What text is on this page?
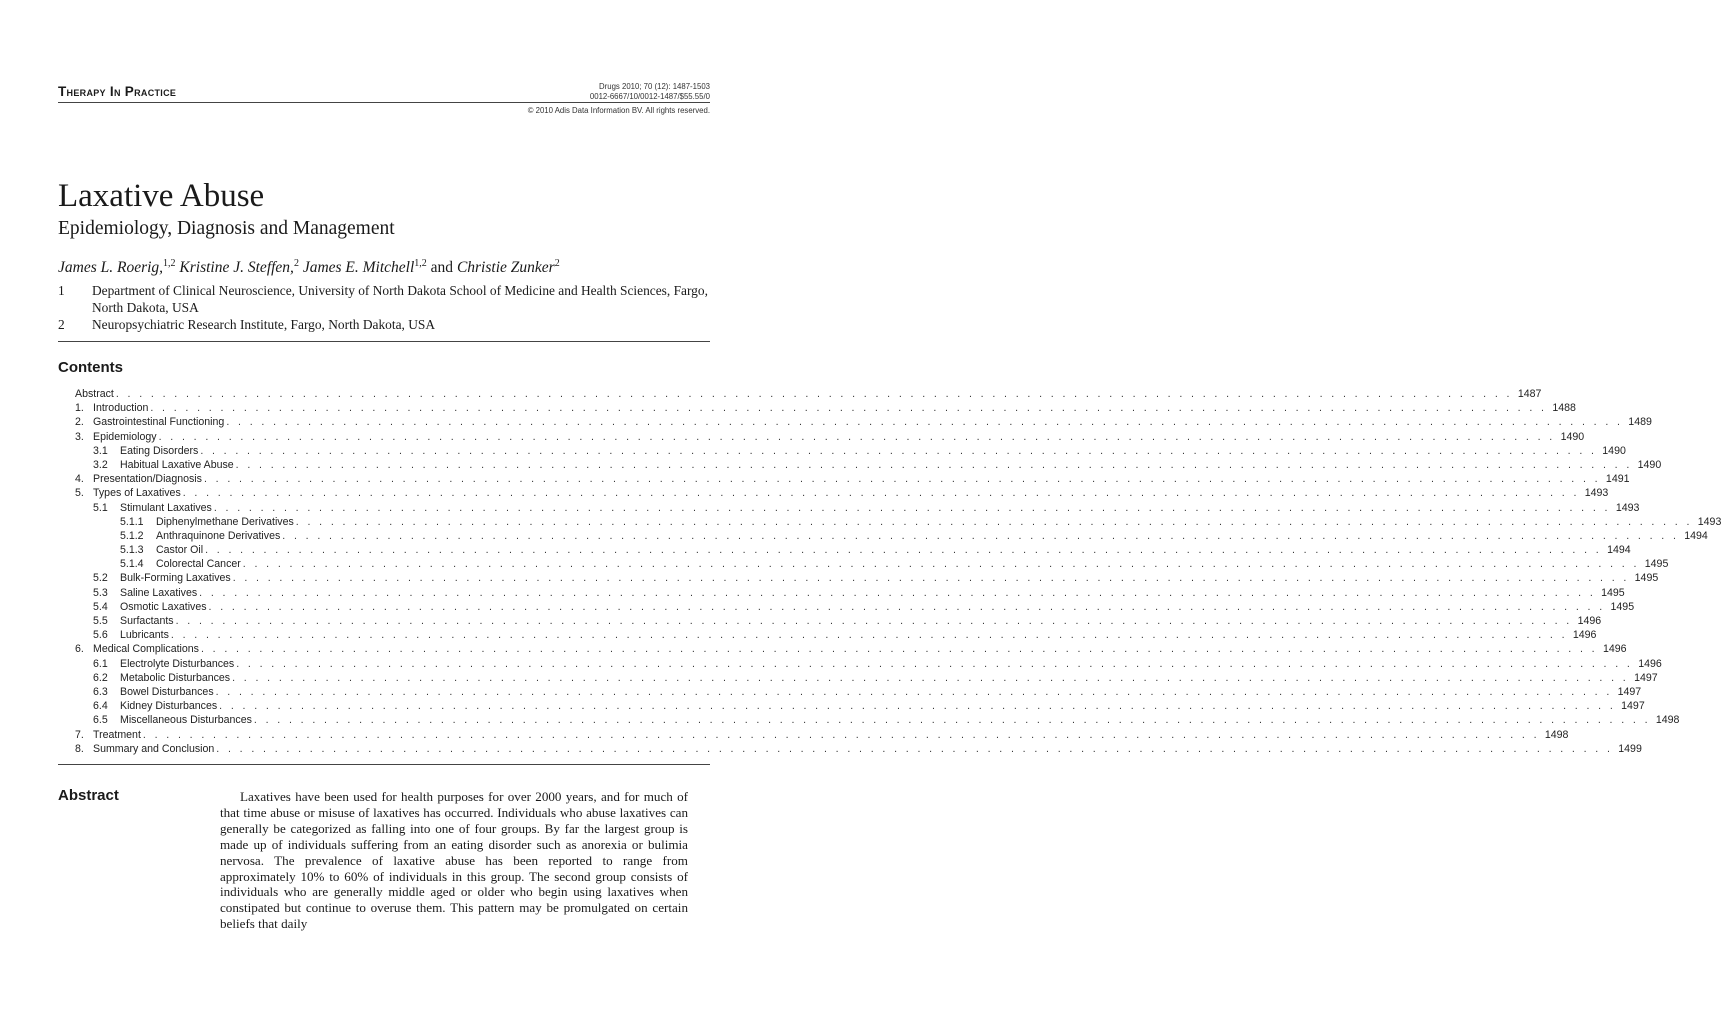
Therapy In Practice	Drugs 2010; 70 (12): 1487-1503
0012-6667/10/0012-1487/$55.55/0
© 2010 Adis Data Information BV. All rights reserved.
Laxative Abuse
Epidemiology, Diagnosis and Management
James L. Roerig,$^{1,2}$ Kristine J. Steffen,$^2$ James E. Mitchell$^{1,2}$ and Christie Zunker$^2$
1	Department of Clinical Neuroscience, University of North Dakota School of Medicine and Health Sciences, Fargo, North Dakota, USA
2	Neuropsychiatric Research Institute, Fargo, North Dakota, USA
Contents
Abstract . . . . . . . . . . . . . . . . . . . . . . . . . . . . . . . . . . . . . . . . . . . . . . . . . . . . . . . . . . . . . . . . . . . . . . . . . . . . . . . . . . . . . . . . . . . . . . . . . . . . . . . . . . . . . . . . . . . . . . . . 1487
1. Introduction . . . . . . . . . . . . . . . . . . . . . . . . . . . . . . . . . . . . . . . . . . . . . . . . . . . . . . . . . . . . . . . . . . . . . . . . . . . . . . . . . . . . . . . . . . . . . . . . . . . . . . . . . . . . . . . . . . . . . . . . 1488
2. Gastrointestinal Functioning . . . . . . . . . . . . . . . . . . . . . . . . . . . . . . . . . . . . . . . . . . . . . . . . . . . . . . . . . . . . . . . . . . . . . . . . . . . . . . . . . . . . . . . . . . . . . . . . . . . . . . . . . . . . . . . . . . . . . . . . 1489
3. Epidemiology . . . . . . . . . . . . . . . . . . . . . . . . . . . . . . . . . . . . . . . . . . . . . . . . . . . . . . . . . . . . . . . . . . . . . . . . . . . . . . . . . . . . . . . . . . . . . . . . . . . . . . . . . . . . . . . . . . . . . . . . 1490
3.1	Eating Disorders . . . . . . . . . . . . . . . . . . . . . . . . . . . . . . . . . . . . . . . . . . . . . . . . . . . . . . . . . . . . . . . . . . . . . . . . . . . . . . . . . . . . . . . . . . . . . . . . . . . . . . . . . . . . . . . . . . . . . . . . 1490
3.2	Habitual Laxative Abuse . . . . . . . . . . . . . . . . . . . . . . . . . . . . . . . . . . . . . . . . . . . . . . . . . . . . . . . . . . . . . . . . . . . . . . . . . . . . . . . . . . . . . . . . . . . . . . . . . . . . . . . . . . . . . . . . . . . . . . . . 1490
4. Presentation/Diagnosis . . . . . . . . . . . . . . . . . . . . . . . . . . . . . . . . . . . . . . . . . . . . . . . . . . . . . . . . . . . . . . . . . . . . . . . . . . . . . . . . . . . . . . . . . . . . . . . . . . . . . . . . . . . . . . . . . . . . . . . . 1491
5. Types of Laxatives . . . . . . . . . . . . . . . . . . . . . . . . . . . . . . . . . . . . . . . . . . . . . . . . . . . . . . . . . . . . . . . . . . . . . . . . . . . . . . . . . . . . . . . . . . . . . . . . . . . . . . . . . . . . . . . . . . . . . . . . 1493
5.1	Stimulant Laxatives . . . . . . . . . . . . . . . . . . . . . . . . . . . . . . . . . . . . . . . . . . . . . . . . . . . . . . . . . . . . . . . . . . . . . . . . . . . . . . . . . . . . . . . . . . . . . . . . . . . . . . . . . . . . . . . . . . . . . . . . 1493
5.1.1	Diphenylmethane Derivatives . . . . . . . . . . . . . . . . . . . . . . . . . . . . . . . . . . . . . . . . . . . . . . . . . . . . . . . . . . . . . . . . . . . . . . . . . . . . . . . . . . . . . . . . . . . . . . . . . . . . . . . . . . . . . . . . . . . . . . . . 1493
5.1.2	Anthraquinone Derivatives . . . . . . . . . . . . . . . . . . . . . . . . . . . . . . . . . . . . . . . . . . . . . . . . . . . . . . . . . . . . . . . . . . . . . . . . . . . . . . . . . . . . . . . . . . . . . . . . . . . . . . . . . . . . . . . . . . . . . . . . 1494
5.1.3	Castor Oil . . . . . . . . . . . . . . . . . . . . . . . . . . . . . . . . . . . . . . . . . . . . . . . . . . . . . . . . . . . . . . . . . . . . . . . . . . . . . . . . . . . . . . . . . . . . . . . . . . . . . . . . . . . . . . . . . . . . . . . . 1494
5.1.4	Colorectal Cancer . . . . . . . . . . . . . . . . . . . . . . . . . . . . . . . . . . . . . . . . . . . . . . . . . . . . . . . . . . . . . . . . . . . . . . . . . . . . . . . . . . . . . . . . . . . . . . . . . . . . . . . . . . . . . . . . . . . . . . . . 1495
5.2	Bulk-Forming Laxatives . . . . . . . . . . . . . . . . . . . . . . . . . . . . . . . . . . . . . . . . . . . . . . . . . . . . . . . . . . . . . . . . . . . . . . . . . . . . . . . . . . . . . . . . . . . . . . . . . . . . . . . . . . . . . . . . . . . . . . . . 1495
5.3	Saline Laxatives . . . . . . . . . . . . . . . . . . . . . . . . . . . . . . . . . . . . . . . . . . . . . . . . . . . . . . . . . . . . . . . . . . . . . . . . . . . . . . . . . . . . . . . . . . . . . . . . . . . . . . . . . . . . . . . . . . . . . . . . 1495
5.4	Osmotic Laxatives . . . . . . . . . . . . . . . . . . . . . . . . . . . . . . . . . . . . . . . . . . . . . . . . . . . . . . . . . . . . . . . . . . . . . . . . . . . . . . . . . . . . . . . . . . . . . . . . . . . . . . . . . . . . . . . . . . . . . . . . 1495
5.5	Surfactants . . . . . . . . . . . . . . . . . . . . . . . . . . . . . . . . . . . . . . . . . . . . . . . . . . . . . . . . . . . . . . . . . . . . . . . . . . . . . . . . . . . . . . . . . . . . . . . . . . . . . . . . . . . . . . . . . . . . . . . . 1496
5.6	Lubricants . . . . . . . . . . . . . . . . . . . . . . . . . . . . . . . . . . . . . . . . . . . . . . . . . . . . . . . . . . . . . . . . . . . . . . . . . . . . . . . . . . . . . . . . . . . . . . . . . . . . . . . . . . . . . . . . . . . . . . . . 1496
6. Medical Complications . . . . . . . . . . . . . . . . . . . . . . . . . . . . . . . . . . . . . . . . . . . . . . . . . . . . . . . . . . . . . . . . . . . . . . . . . . . . . . . . . . . . . . . . . . . . . . . . . . . . . . . . . . . . . . . . . . . . . . . . 1496
6.1	Electrolyte Disturbances . . . . . . . . . . . . . . . . . . . . . . . . . . . . . . . . . . . . . . . . . . . . . . . . . . . . . . . . . . . . . . . . . . . . . . . . . . . . . . . . . . . . . . . . . . . . . . . . . . . . . . . . . . . . . . . . . . . . . . . . 1496
6.2	Metabolic Disturbances . . . . . . . . . . . . . . . . . . . . . . . . . . . . . . . . . . . . . . . . . . . . . . . . . . . . . . . . . . . . . . . . . . . . . . . . . . . . . . . . . . . . . . . . . . . . . . . . . . . . . . . . . . . . . . . . . . . . . . . . 1497
6.3	Bowel Disturbances . . . . . . . . . . . . . . . . . . . . . . . . . . . . . . . . . . . . . . . . . . . . . . . . . . . . . . . . . . . . . . . . . . . . . . . . . . . . . . . . . . . . . . . . . . . . . . . . . . . . . . . . . . . . . . . . . . . . . . . . 1497
6.4	Kidney Disturbances . . . . . . . . . . . . . . . . . . . . . . . . . . . . . . . . . . . . . . . . . . . . . . . . . . . . . . . . . . . . . . . . . . . . . . . . . . . . . . . . . . . . . . . . . . . . . . . . . . . . . . . . . . . . . . . . . . . . . . . . 1497
6.5	Miscellaneous Disturbances . . . . . . . . . . . . . . . . . . . . . . . . . . . . . . . . . . . . . . . . . . . . . . . . . . . . . . . . . . . . . . . . . . . . . . . . . . . . . . . . . . . . . . . . . . . . . . . . . . . . . . . . . . . . . . . . . . . . . . . . 1498
7. Treatment . . . . . . . . . . . . . . . . . . . . . . . . . . . . . . . . . . . . . . . . . . . . . . . . . . . . . . . . . . . . . . . . . . . . . . . . . . . . . . . . . . . . . . . . . . . . . . . . . . . . . . . . . . . . . . . . . . . . . . . . 1498
8. Summary and Conclusion . . . . . . . . . . . . . . . . . . . . . . . . . . . . . . . . . . . . . . . . . . . . . . . . . . . . . . . . . . . . . . . . . . . . . . . . . . . . . . . . . . . . . . . . . . . . . . . . . . . . . . . . . . . . . . . . . . . . . . . . 1499
Abstract	Laxatives have been used for health purposes for over 2000 years, and for much of that time abuse or misuse of laxatives has occurred. Individuals who abuse laxatives can generally be categorized as falling into one of four groups. By far the largest group is made up of individuals suffering from an eating disorder such as anorexia or bulimia nervosa. The prevalence of laxative abuse has been reported to range from approximately 10% to 60% of individuals in this group. The second group consists of individuals who are generally middle aged or older who begin using laxatives when constipated but continue to overuse them. This pattern may be promulgated on certain beliefs that daily
